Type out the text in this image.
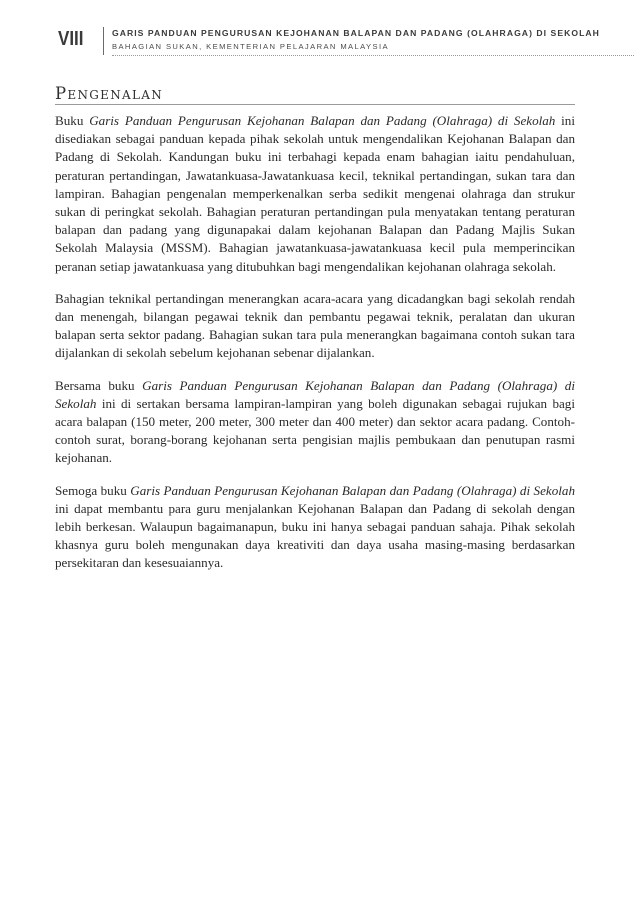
VIII	GARIS PANDUAN PENGURUSAN KEJOHANAN BALAPAN DAN PADANG (OLAHRAGA) DI SEKOLAH
BAHAGIAN SUKAN, KEMENTERIAN PELAJARAN MALAYSIA
Pengenalan

Buku Garis Panduan Pengurusan Kejohanan Balapan dan Padang (Olahraga) di Sekolah ini disediakan sebagai panduan kepada pihak sekolah untuk mengendalikan Kejohanan Balapan dan Padang di Sekolah. Kandungan buku ini terbahagi kepada enam bahagian iaitu pendahuluan, peraturan pertandingan, Jawatankuasa-Jawatankuasa kecil, teknikal pertandingan, sukan tara dan lampiran. Bahagian pengenalan memperkenalkan serba sedikit mengenai olahraga dan strukur sukan di peringkat sekolah. Bahagian peraturan pertandingan pula menyatakan tentang peraturan balapan dan padang yang digunapakai dalam kejohanan Balapan dan Padang Majlis Sukan Sekolah Malaysia (MSSM). Bahagian jawatankuasa-jawatankuasa kecil pula memperincikan peranan setiap jawatankuasa yang ditubuhkan bagi mengendalikan kejohanan olahraga sekolah.

Bahagian teknikal pertandingan menerangkan acara-acara yang dicadangkan bagi sekolah rendah dan menengah, bilangan pegawai teknik dan pembantu pegawai teknik, peralatan dan ukuran balapan serta sektor padang. Bahagian sukan tara pula menerangkan bagaimana contoh sukan tara dijalankan di sekolah sebelum kejohanan sebenar dijalankan.

Bersama buku Garis Panduan Pengurusan Kejohanan Balapan dan Padang (Olahraga) di Sekolah ini di sertakan bersama lampiran-lampiran yang boleh digunakan sebagai rujukan bagi acara balapan (150 meter, 200 meter, 300 meter dan 400 meter) dan sektor acara padang. Contoh-contoh surat, borang-borang kejohanan serta pengisian majlis pembukaan dan penutupan rasmi kejohanan.

Semoga buku Garis Panduan Pengurusan Kejohanan Balapan dan Padang (Olahraga) di Sekolah ini dapat membantu para guru menjalankan Kejohanan Balapan dan Padang di sekolah dengan lebih berkesan. Walaupun bagaimanapun, buku ini hanya sebagai panduan sahaja. Pihak sekolah khasnya guru boleh mengunakan daya kreativiti dan daya usaha masing-masing berdasarkan persekitaran dan kesesuaiannya.
